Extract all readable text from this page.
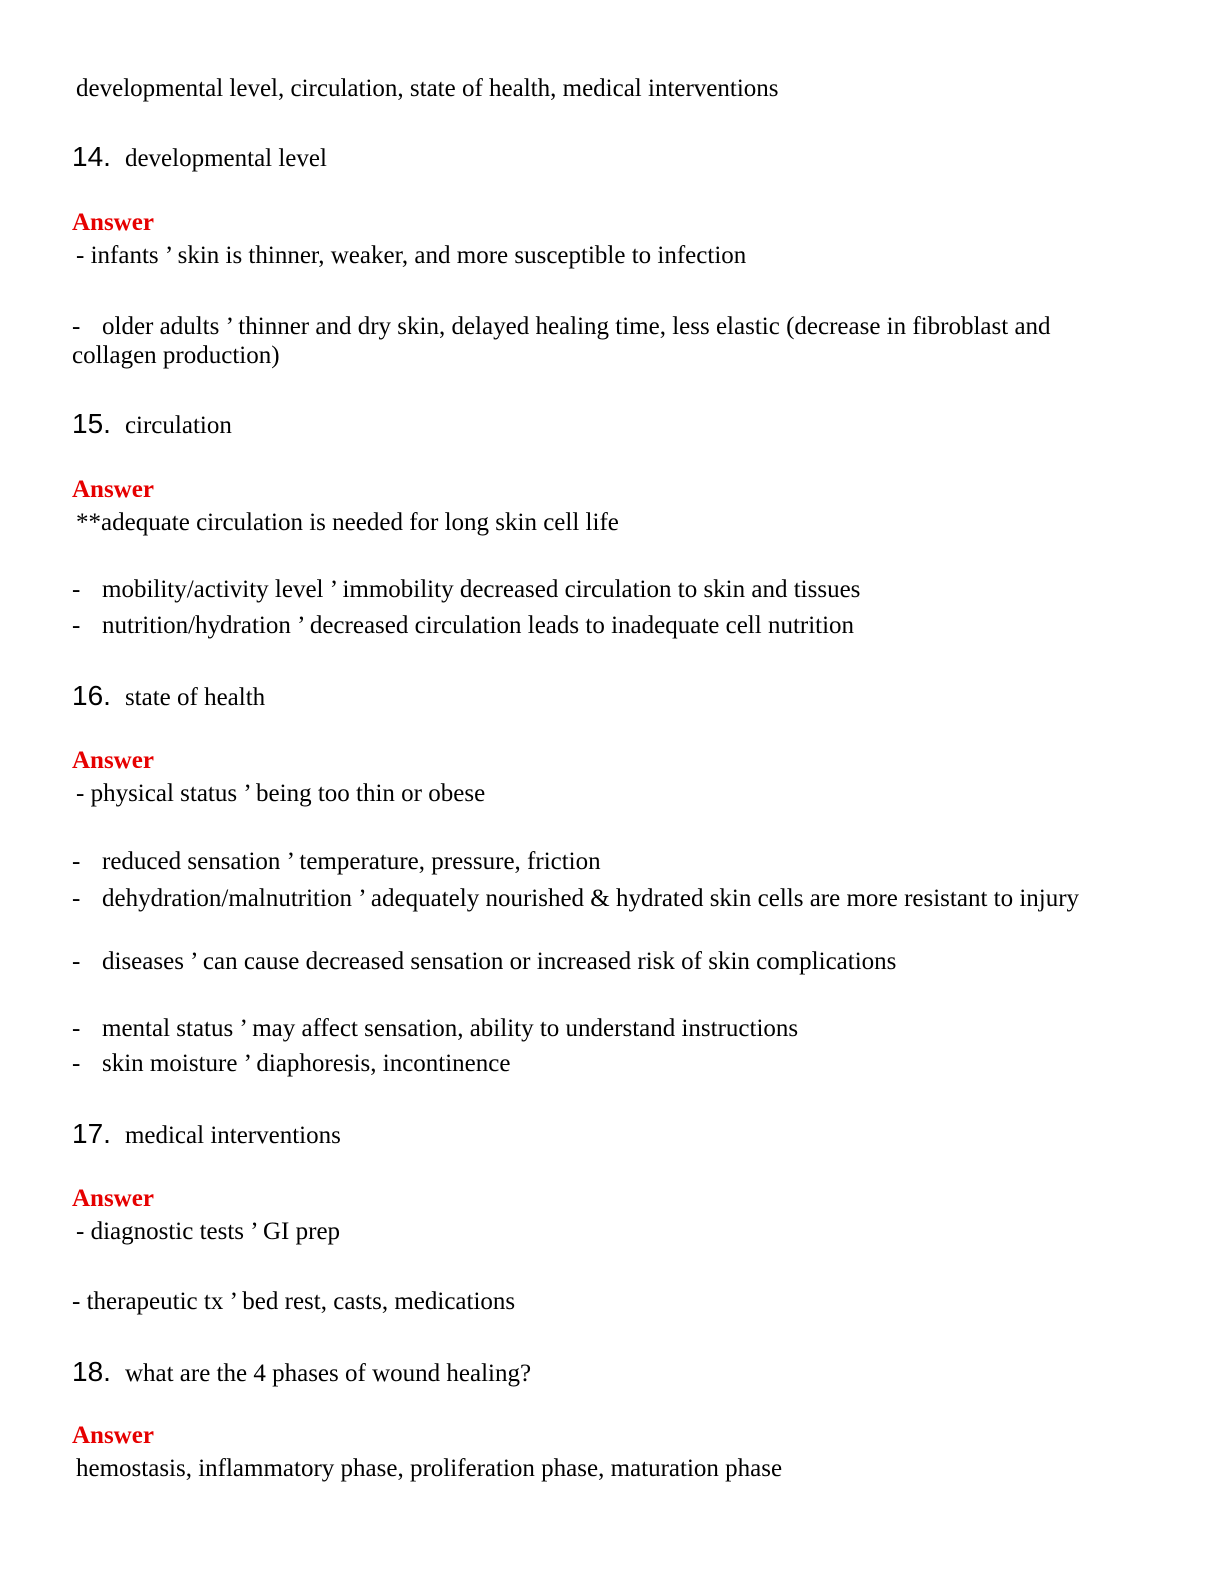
developmental level, circulation, state of health, medical interventions
14. developmental level
Answer
- infants ’ skin is thinner, weaker, and more susceptible to infection
- older adults ’ thinner and dry skin, delayed healing time, less elastic (decrease in fibroblast and collagen production)
15. circulation
Answer
**adequate circulation is needed for long skin cell life
- mobility/activity level ’ immobility decreased circulation to skin and tissues
- nutrition/hydration ’ decreased circulation leads to inadequate cell nutrition
16. state of health
Answer
- physical status ’ being too thin or obese
- reduced sensation ’ temperature, pressure, friction
- dehydration/malnutrition ’ adequately nourished & hydrated skin cells are more resistant to injury
- diseases ’ can cause decreased sensation or increased risk of skin complications
- mental status ’ may affect sensation, ability to understand instructions
- skin moisture ’ diaphoresis, incontinence
17. medical interventions
Answer
- diagnostic tests ’ GI prep
- therapeutic tx ’ bed rest, casts, medications
18. what are the 4 phases of wound healing?
Answer
hemostasis, inflammatory phase, proliferation phase, maturation phase
